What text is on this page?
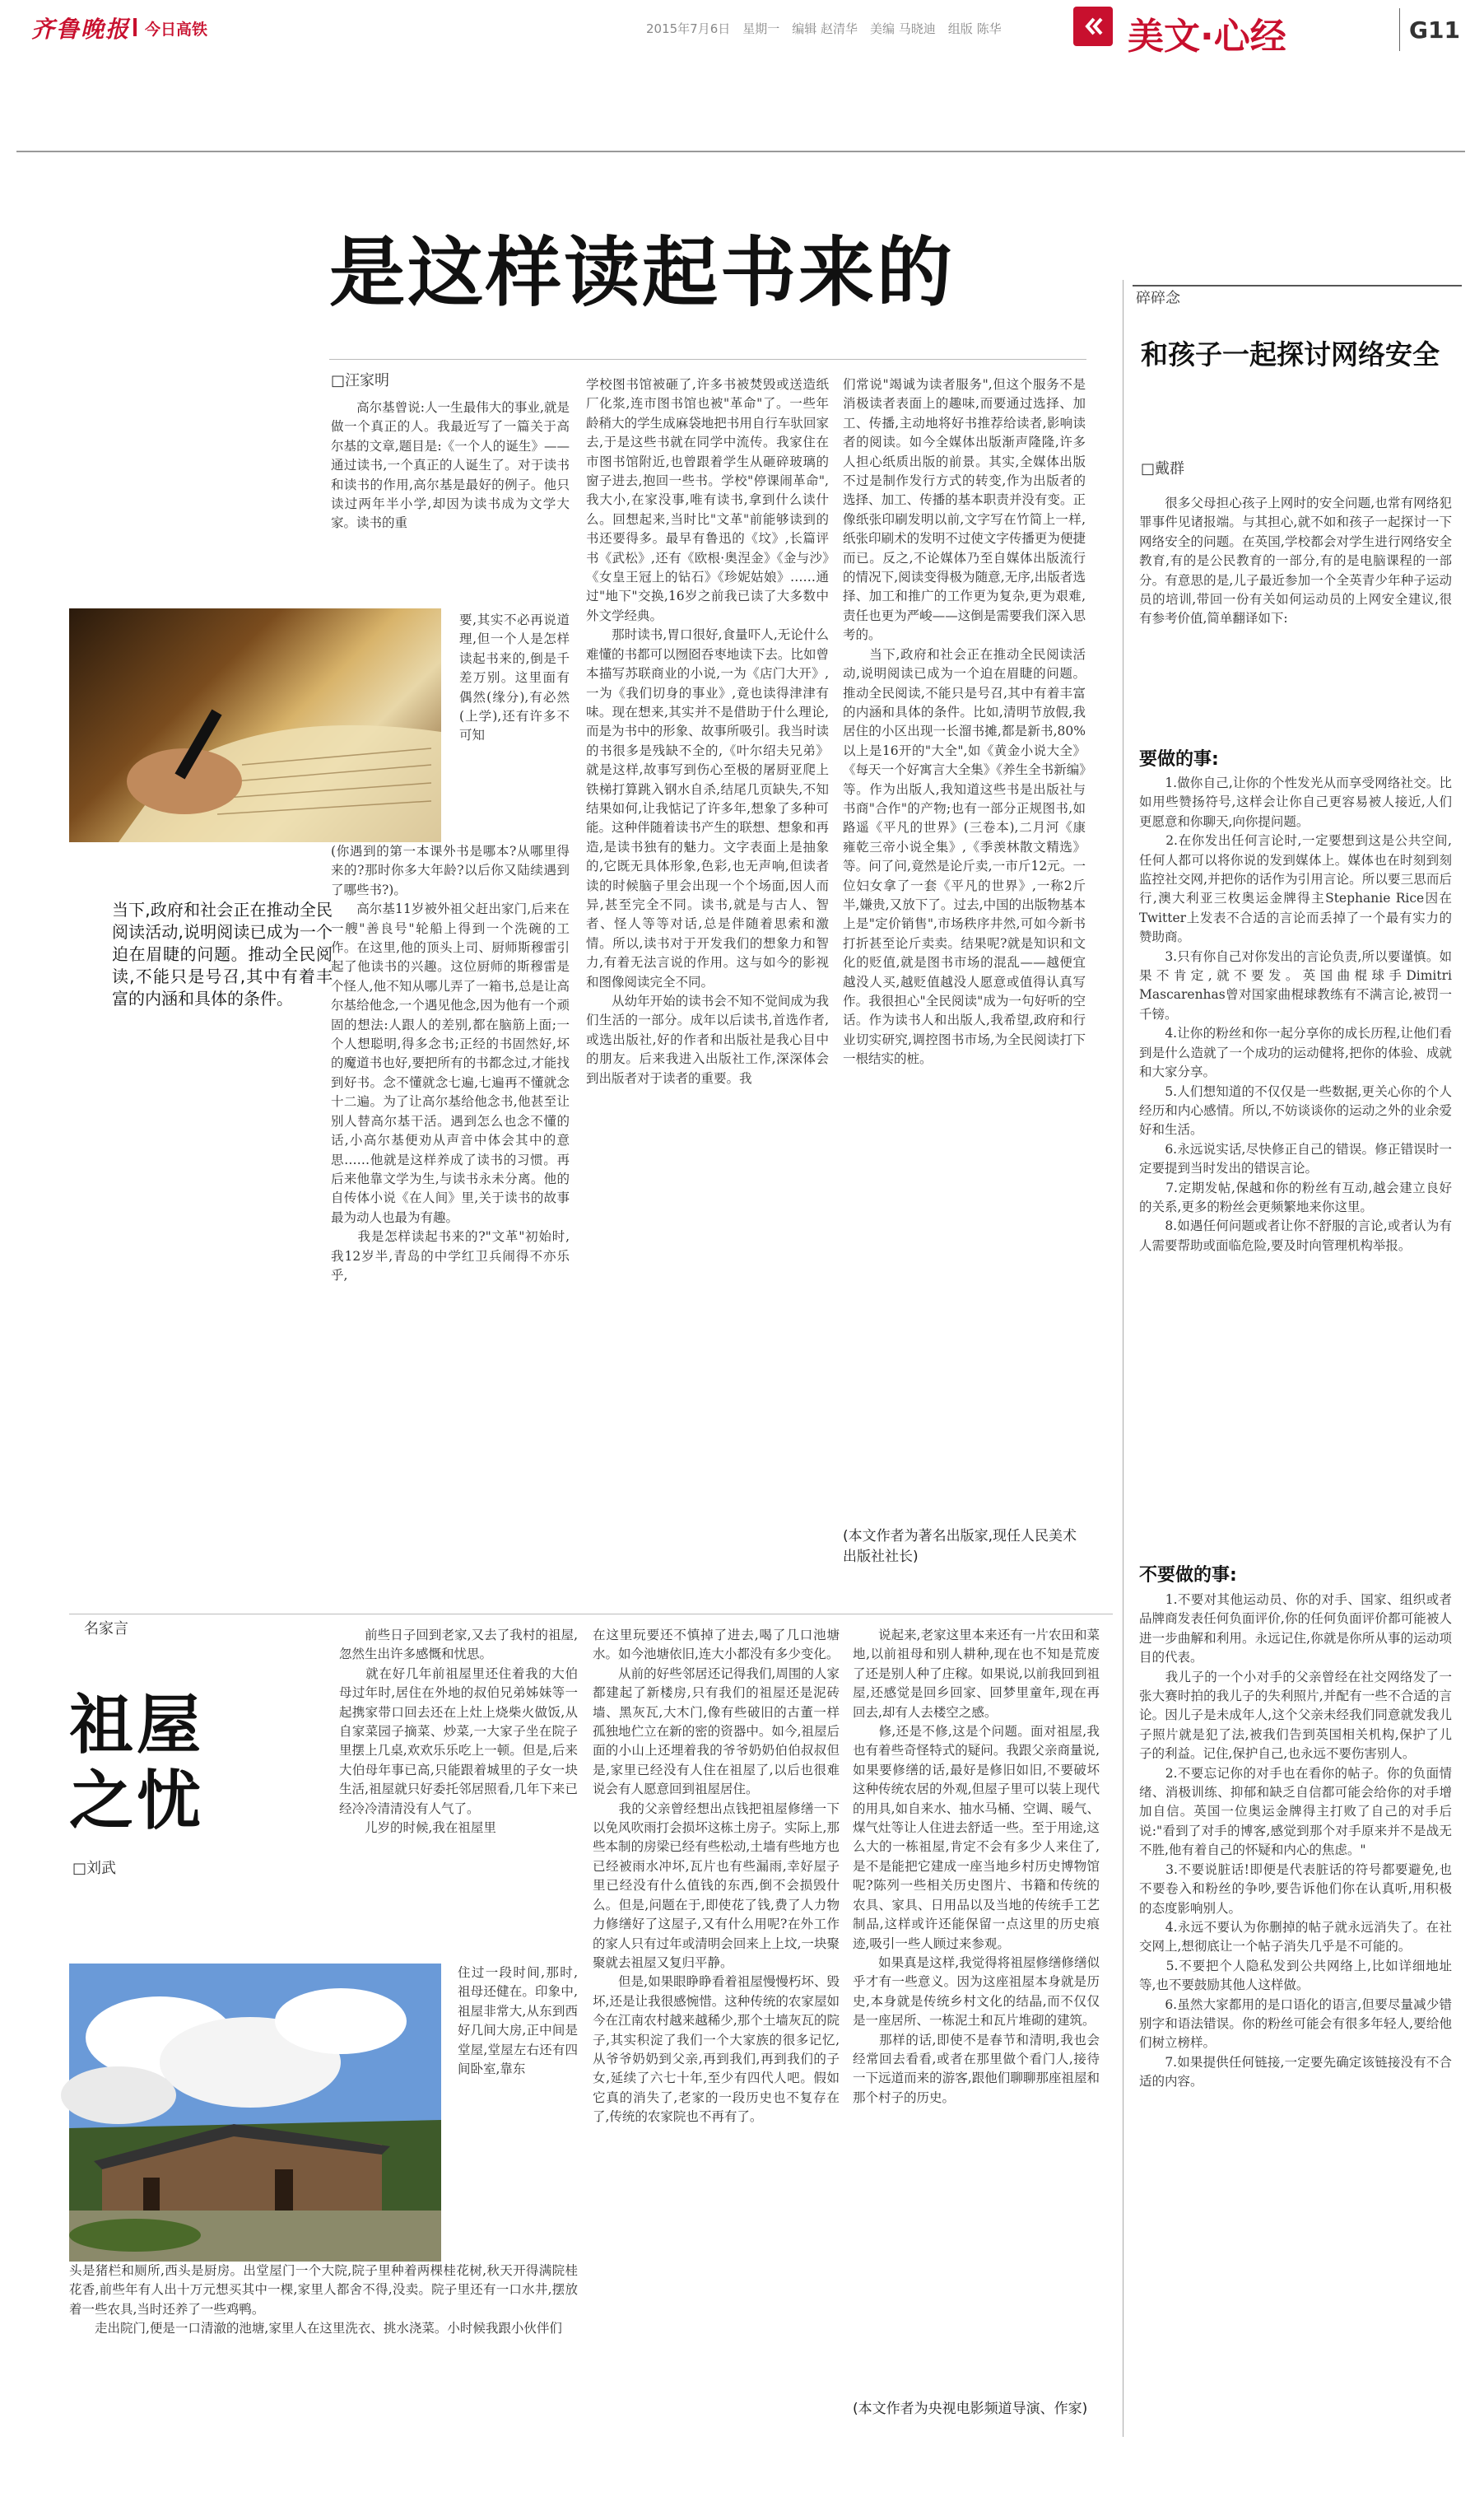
齐鲁晚报 今日高铁	2015年7月6日　星期一　编辑 赵清华　美编 马晓迪　组版 陈华	美文·心经	G11
是这样读起书来的
□汪家明
　　高尔基曾说:人一生最伟大的事业,就是做一个真正的人。我最近写了一篇关于高尔基的文章,题目是:《一个人的诞生》——通过读书,一个真正的人诞生了。对于读书和读书的作用,高尔基是最好的例子。他只读过两年半小学,却因为读书成为文学大家。读书的重
要,其实不必再说道理,但一个人是怎样读起书来的,倒是千差万别。这里面有偶然(缘分),有必然(上学),还有许多不可知
当下,政府和社会正在推动全民阅读活动,说明阅读已成为一个迫在眉睫的问题。推动全民阅读,不能只是号召,其中有着丰富的内涵和具体的条件。
(你遇到的第一本课外书是哪本?从哪里得来的?那时你多大年龄?以后你又陆续遇到了哪些书?)。
　　高尔基11岁被外祖父赶出家门,后来在一艘"善良号"轮船上得到一个洗碗的工作。在这里,他的顶头上司、厨师斯穆雷引起了他读书的兴趣。这位厨师的斯穆雷是个怪人,他不知从哪儿弄了一箱书,总是让高尔基给他念,一个遇见他念,因为他有一个顽固的想法:人跟人的差别,都在脑筋上面;一个人想聪明,得多念书;正经的书固然好,坏的魔道书也好,要把所有的书都念过,才能找到好书。念不懂就念七遍,七遍再不懂就念十二遍。为了让高尔基给他念书,他甚至让别人替高尔基干活。遇到怎么也念不懂的话,小高尔基便劝从声音中体会其中的意思……他就是这样养成了读书的习惯。再后来他靠文学为生,与读书永未分离。他的自传体小说《在人间》里,关于读书的故事最为动人也最为有趣。
　　我是怎样读起书来的?"文革"初始时,我12岁半,青岛的中学红卫兵闹得不亦乐乎,
学校图书馆被砸了,许多书被焚毁或送造纸厂化浆,连市图书馆也被"革命"了。一些年龄稍大的学生成麻袋地把书用自行车驮回家去,于是这些书就在同学中流传。我家住在市图书馆附近,也曾跟着学生从砸碎玻璃的窗子进去,抱回一些书。学校"停课闹革命",我大小,在家没事,唯有读书,拿到什么读什么。回想起来,当时比"文革"前能够读到的书还要得多。最早有鲁迅的《坟》,长篇评书《武松》,还有《欧根·奥涅金》《金与沙》《女皇王冠上的钻石》《珍妮姑娘》……通过"地下"交换,16岁之前我已读了大多数中外文学经典。
　　那时读书,胃口很好,食量吓人,无论什么难懂的书都可以囫囵吞枣地读下去。比如曾本描写苏联商业的小说,一为《店门大开》,一为《我们切身的事业》,竟也读得津津有味。现在想来,其实并不是借助于什么理论,而是为书中的形象、故事所吸引。我当时读的书很多是残缺不全的,《叶尔绍夫兄弟》就是这样,故事写到伤心至极的屠厨亚爬上铁梯打算跳入钢水自杀,结尾几页缺失,不知结果如何,让我惦记了许多年,想象了多种可能。这种伴随着读书产生的联想、想象和再造,是读书独有的魅力。文字表面上是抽象的,它既无具体形象,色彩,也无声响,但读者读的时候脑子里会出现一个个场面,因人而异,甚至完全不同。读书,就是与古人、智者、怪人等等对话,总是伴随着思索和激情。所以,读书对于开发我们的想象力和智力,有着无法言说的作用。这与如今的影视和图像阅读完全不同。
　　从幼年开始的读书会不知不觉间成为我们生活的一部分。成年以后读书,首选作者,或选出版社,好的作者和出版社是我心目中的朋友。后来我进入出版社工作,深深体会到出版者对于读者的重要。我
们常说"竭诚为读者服务",但这个服务不是消极读者表面上的趣味,而要通过选择、加工、传播,主动地将好书推荐给读者,影响读者的阅读。如今全媒体出版渐声隆隆,许多人担心纸质出版的前景。其实,全媒体出版不过是制作发行方式的转变,作为出版者的选择、加工、传播的基本职责并没有变。正像纸张印刷发明以前,文字写在竹简上一样,纸张印刷术的发明不过使文字传播更为便捷而已。反之,不论媒体乃至自媒体出版流行的情况下,阅读变得极为随意,无序,出版者选择、加工和推广的工作更为复杂,更为艰难,责任也更为严峻——这倒是需要我们深入思考的。
　　当下,政府和社会正在推动全民阅读活动,说明阅读已成为一个迫在眉睫的问题。推动全民阅读,不能只是号召,其中有着丰富的内涵和具体的条件。比如,清明节放假,我居住的小区出现一长溜书摊,都是新书,80%以上是16开的"大全",如《黄金小说大全》《每天一个好寓言大全集》《养生全书新编》等。作为出版人,我知道这些书是出版社与书商"合作"的产物;也有一部分正规图书,如路遥《平凡的世界》(三卷本),二月河《康雍乾三帝小说全集》,《季羡林散文精选》等。问了问,竟然是论斤卖,一市斤12元。一位妇女拿了一套《平凡的世界》,一称2斤半,嫌贵,又放下了。过去,中国的出版物基本上是"定价销售",市场秩序井然,可如今新书打折甚至论斤卖卖。结果呢?就是知识和文化的贬值,就是图书市场的混乱——越便宜越没人买,越贬值越没人愿意或值得认真写作。我很担心"全民阅读"成为一句好听的空话。作为读书人和出版人,我希望,政府和行业切实研究,调控图书市场,为全民阅读打下一根结实的桩。
(本文作者为著名出版家,现任人民美术出版社社长)
碎碎念
和孩子一起探讨网络安全
□戴群
　　很多父母担心孩子上网时的安全问题,也常有网络犯罪事件见诸报端。与其担心,就不如和孩子一起探讨一下网络安全的问题。在英国,学校都会对学生进行网络安全教育,有的是公民教育的一部分,有的是电脑课程的一部分。有意思的是,儿子最近参加一个全英青少年种子运动员的培训,带回一份有关如何运动员的上网安全建议,很有参考价值,简单翻译如下:
要做的事:
　　1.做你自己,让你的个性发光从而享受网络社交。比如用些赞扬符号,这样会让你自己更容易被人接近,人们更愿意和你聊天,向你提问题。
　　2.在你发出任何言论时,一定要想到这是公共空间,任何人都可以将你说的发到媒体上。媒体也在时刻到刻监控社交网,并把你的话作为引用言论。所以要三思而后行,澳大利亚三枚奥运金牌得主Stephanie Rice因在Twitter上发表不合适的言论而丢掉了一个最有实力的赞助商。
　　3.只有你自己对你发出的言论负责,所以要谨慎。如果不肯定,就不要发。英国曲棍球手Dimitri Mascarenhas曾对国家曲棍球教练有不满言论,被罚一千镑。
　　4.让你的粉丝和你一起分享你的成长历程,让他们看到是什么造就了一个成功的运动健将,把你的体验、成就和大家分享。
　　5.人们想知道的不仅仅是一些数据,更关心你的个人经历和内心感情。所以,不妨谈谈你的运动之外的业余爱好和生活。
　　6.永远说实话,尽快修正自己的错误。修正错误时一定要提到当时发出的错误言论。
　　7.定期发帖,保越和你的粉丝有互动,越会建立良好的关系,更多的粉丝会更频繁地来你这里。
　　8.如遇任何问题或者让你不舒服的言论,或者认为有人需要帮助或面临危险,要及时向管理机构举报。
不要做的事:
　　1.不要对其他运动员、你的对手、国家、组织或者品牌商发表任何负面评价,你的任何负面评价都可能被人进一步曲解和利用。永远记住,你就是你所从事的运动项目的代表。
　　我儿子的一个小对手的父亲曾经在社交网络发了一张大赛时拍的我儿子的失利照片,并配有一些不合适的言论。因儿子是未成年人,这个父亲未经我们同意就发我儿子照片就是犯了法,被我们告到英国相关机构,保护了儿子的利益。记住,保护自己,也永远不要伤害别人。
　　2.不要忘记你的对手也在看你的帖子。你的负面情绪、消极训练、抑郁和缺乏自信都可能会给你的对手增加自信。英国一位奥运金牌得主打败了自己的对手后说:"看到了对手的博客,感觉到那个对手原来并不是战无不胜,他有着自己的怀疑和内心的焦虑。"
　　3.不要说脏话!即便是代表脏话的符号都要避免,也不要卷入和粉丝的争吵,要告诉他们你在认真听,用积极的态度影响别人。
　　4.永远不要认为你删掉的帖子就永远消失了。在社交网上,想彻底让一个帖子消失几乎是不可能的。
　　5.不要把个人隐私发到公共网络上,比如详细地址等,也不要鼓励其他人这样做。
　　6.虽然大家都用的是口语化的语言,但要尽量减少错别字和语法错误。你的粉丝可能会有很多年轻人,要给他们树立榜样。
　　7.如果提供任何链接,一定要先确定该链接没有不合适的内容。
名家言
祖屋
之忧
□刘武
　　前些日子回到老家,又去了我村的祖屋,忽然生出许多感慨和忧思。
　　就在好几年前祖屋里还住着我的大伯母过年时,居住在外地的叔伯兄弟姊妹等一起携家带口回去还在上灶上烧柴火做饭,从自家菜园子摘菜、炒菜,一大家子坐在院子里摆上几桌,欢欢乐乐吃上一顿。但是,后来大伯母年事已高,只能跟着城里的子女一块生活,祖屋就只好委托邻居照看,几年下来已经冷冷清清没有人气了。
　　儿岁的时候,我在祖屋里
住过一段时间,那时,祖母还健在。印象中,祖屋非常大,从东到西好几间大房,正中间是堂屋,堂屋左右还有四间卧室,靠东
头是猪栏和厕所,西头是厨房。出堂屋门一个大院,院子里种着两棵桂花树,秋天开得满院桂花香,前些年有人出十万元想买其中一棵,家里人都舍不得,没卖。院子里还有一口水井,摆放着一些农具,当时还养了一些鸡鸭。
　　走出院门,便是一口清澈的池塘,家里人在这里洗衣、挑水浇菜。小时候我跟小伙伴们
在这里玩要还不慎掉了进去,喝了几口池塘水。如今池塘依旧,连大小都没有多少变化。
　　从前的好些邻居还记得我们,周围的人家都建起了新楼房,只有我们的祖屋还是泥砖墙、黑灰瓦,大木门,像有些破旧的古董一样孤独地伫立在新的密的资器中。如今,祖屋后面的小山上还埋着我的爷爷奶奶伯伯叔叔但是,家里已经没有人住在祖屋了,以后也很难说会有人愿意回到祖屋居住。
　　我的父亲曾经想出点钱把祖屋修缮一下以免风吹雨打会损坏这栋土房子。实际上,那些本制的房梁已经有些松动,土墙有些地方也已经被雨水冲坏,瓦片也有些漏雨,幸好屋子里已经没有什么值钱的东西,倒不会损毁什么。但是,问题在于,即使花了钱,费了人力物力修缮好了这屋子,又有什么用呢?在外工作的家人只有过年或清明会回来上上坟,一块聚聚就去祖屋又复归平静。
　　但是,如果眼睁睁看着祖屋慢慢朽坏、毁坏,还是让我很感惋惜。这种传统的农家屋如今在江南农村越来越稀少,那个土墙灰瓦的院子,其实积淀了我们一个大家族的很多记忆,从爷爷奶奶到父亲,再到我们,再到我们的子女,延续了六七十年,至少有四代人吧。假如它真的消失了,老家的一段历史也不复存在了,传统的农家院也不再有了。
　　说起来,老家这里本来还有一片农田和菜地,以前祖母和别人耕种,现在也不知是荒废了还是别人种了庄稼。如果说,以前我回到祖屋,还感觉是回乡回家、回梦里童年,现在再回去,却有人去楼空之感。
　　修,还是不修,这是个问题。面对祖屋,我也有着些奇怪特式的疑问。我跟父亲商量说,如果要修缮的话,最好是修旧如旧,不要破坏这种传统农居的外观,但屋子里可以装上现代的用具,如自来水、抽水马桶、空调、暖气、煤气灶等让人住进去舒适一些。至于用途,这么大的一栋祖屋,肯定不会有多少人来住了,是不是能把它建成一座当地乡村历史博物馆呢?陈列一些相关历史图片、书籍和传统的农具、家具、日用品以及当地的传统手工艺制品,这样或许还能保留一点这里的历史痕迹,吸引一些人顾过来参观。
　　如果真是这样,我觉得将祖屋修缮修缮似乎才有一些意义。因为这座祖屋本身就是历史,本身就是传统乡村文化的结晶,而不仅仅是一座居所、一栋泥土和瓦片堆砌的建筑。
　　那样的话,即使不是春节和清明,我也会经常回去看看,或者在那里做个看门人,接待一下远道而来的游客,跟他们聊聊那座祖屋和那个村子的历史。
(本文作者为央视电影频道导演、作家)
